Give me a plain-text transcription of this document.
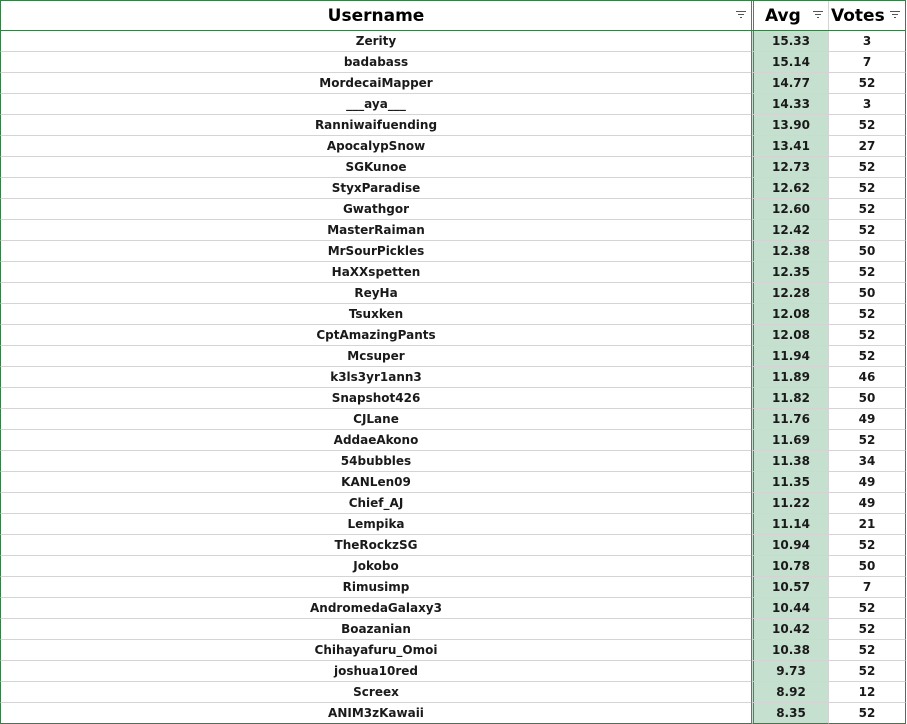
Username	Avg Votes
Zerity	15.33	3
badabass	15.14	7
MordecaiMapper	14.77	52
___aya___	14.33	3
Ranniwaifuending	13.90	52
ApocalypSnow	13.41	27
SGKunoe	12.73	52
StyxParadise	12.62	52
Gwathgor	12.60	52
MasterRaiman	12.42	52
MrSourPickles	12.38	50
HaXXspetten	12.35	52
ReyHa	12.28	50
Tsuxken	12.08	52
CptAmazingPants	12.08	52
Mcsuper	11.94	52
k3ls3yr1ann3	11.89	46
Snapshot426	11.82	50
CJLane	11.76	49
AddaeAkono	11.69	52
54bubbles	11.38	34
KANLen09	11.35	49
Chief_AJ	11.22	49
Lempika	11.14	21
TheRockzSG	10.94	52
Jokobo	10.78	50
Rimusimp	10.57	7
AndromedaGalaxy3	10.44	52
Boazanian	10.42	52
Chihayafuru_Omoi	10.38	52
joshua10red	9.73	52
Screex	8.92	12
ANIM3zKawaii	8.35	52
